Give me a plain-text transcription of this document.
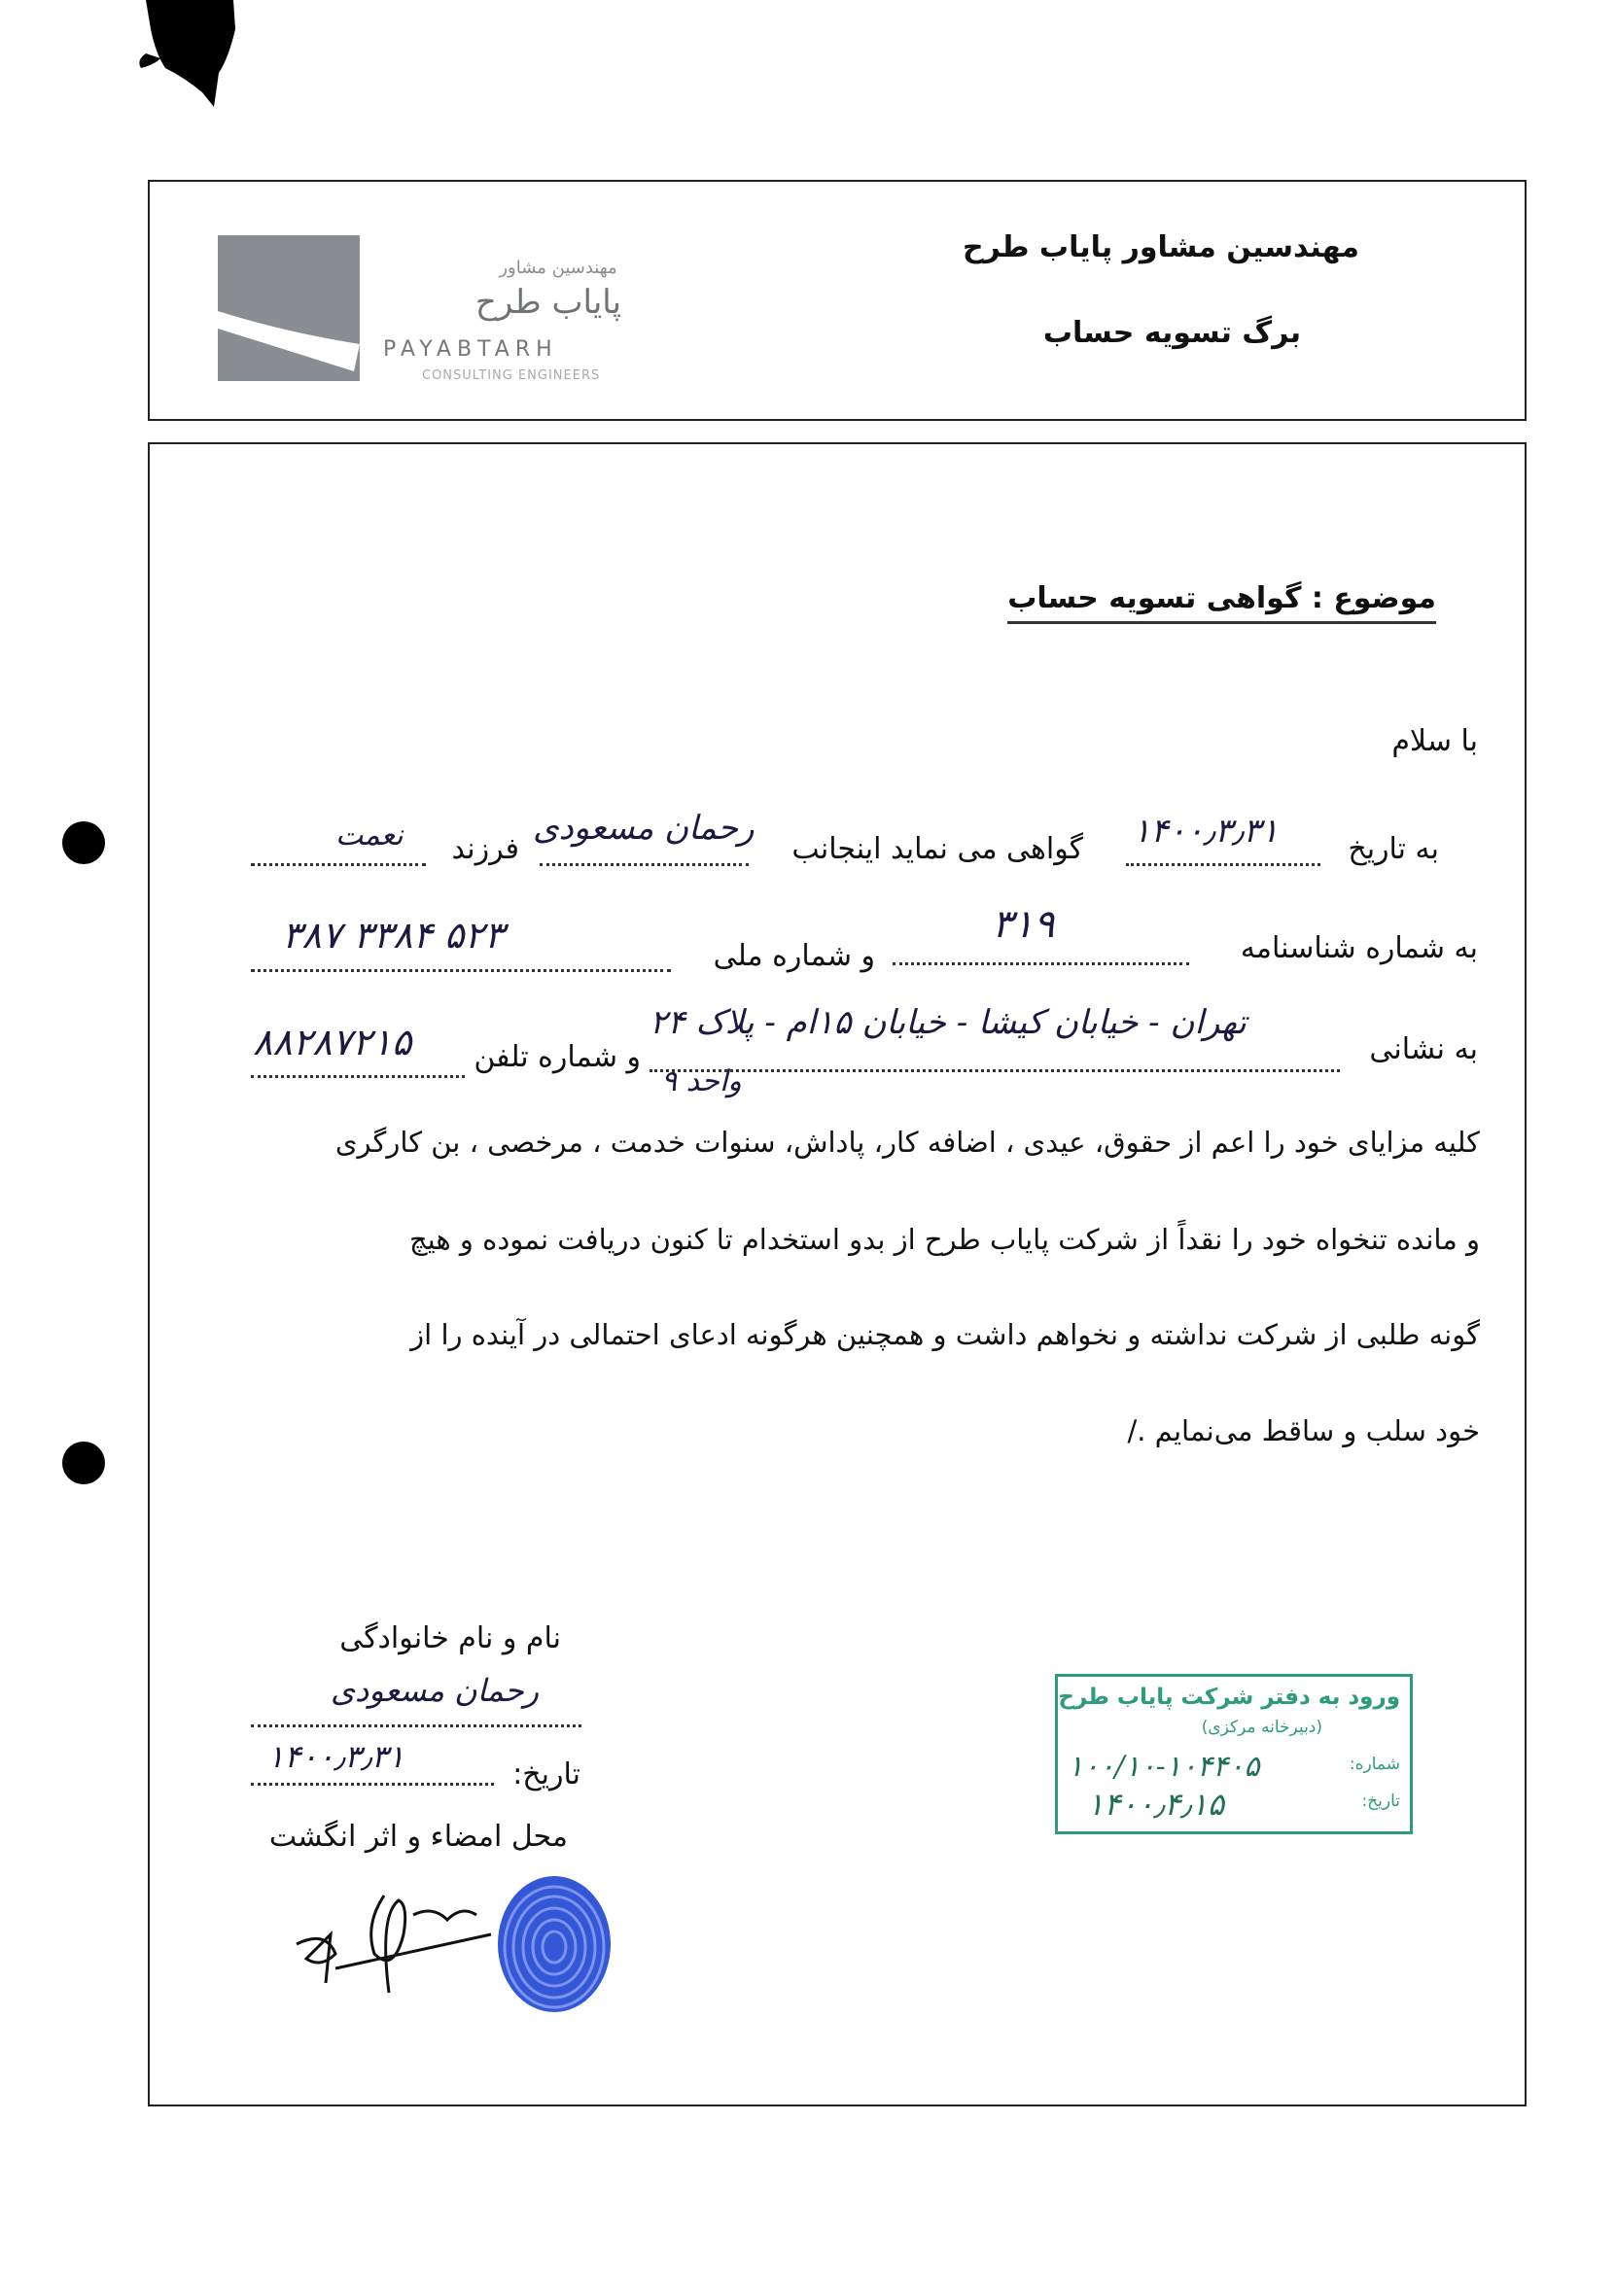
مهندسین مشاور
پایاب طرح
PAYABTARH
CONSULTING ENGINEERS
مهندسین مشاور پایاب طرح
برگ تسویه حساب
موضوع : گواهی تسویه حساب
با سلام
به تاریخ
۱۴۰۰٫۳٫۳۱
گواهی می نماید اینجانب
رحمان مسعودی
فرزند
نعمت
به شماره شناسنامه
۳۱۹
و شماره ملی
۳۸۷ ۳۳۸۴ ۵۲۳
به نشانی
تهران - خیابان کیشا - خیابان ۱۵ام - پلاک ۲۴
واحد ۹
و شماره تلفن
۸۸۲۸۷۲۱۵
کلیه مزایای خود را اعم از حقوق، عیدی ، اضافه کار، پاداش، سنوات خدمت ، مرخصی ، بن کارگری
و مانده تنخواه خود را نقداً از شرکت پایاب طرح از بدو استخدام تا کنون دریافت نموده و هیچ
گونه طلبی از شرکت نداشته و نخواهم داشت و همچنین هرگونه ادعای احتمالی در آینده را از
خود سلب و ساقط می‌نمایم ./
نام و نام خانوادگی
رحمان مسعودی
تاریخ:
۱۴۰۰٫۳٫۳۱
محل امضاء و اثر انگشت
ورود به دفتر شرکت پایاب طرح
(دبیرخانه مرکزی)
شماره:
۱۰۰/۱۰-۱۰۴۴۰۵
تاریخ:
۱۴۰۰٫۴٫۱۵
